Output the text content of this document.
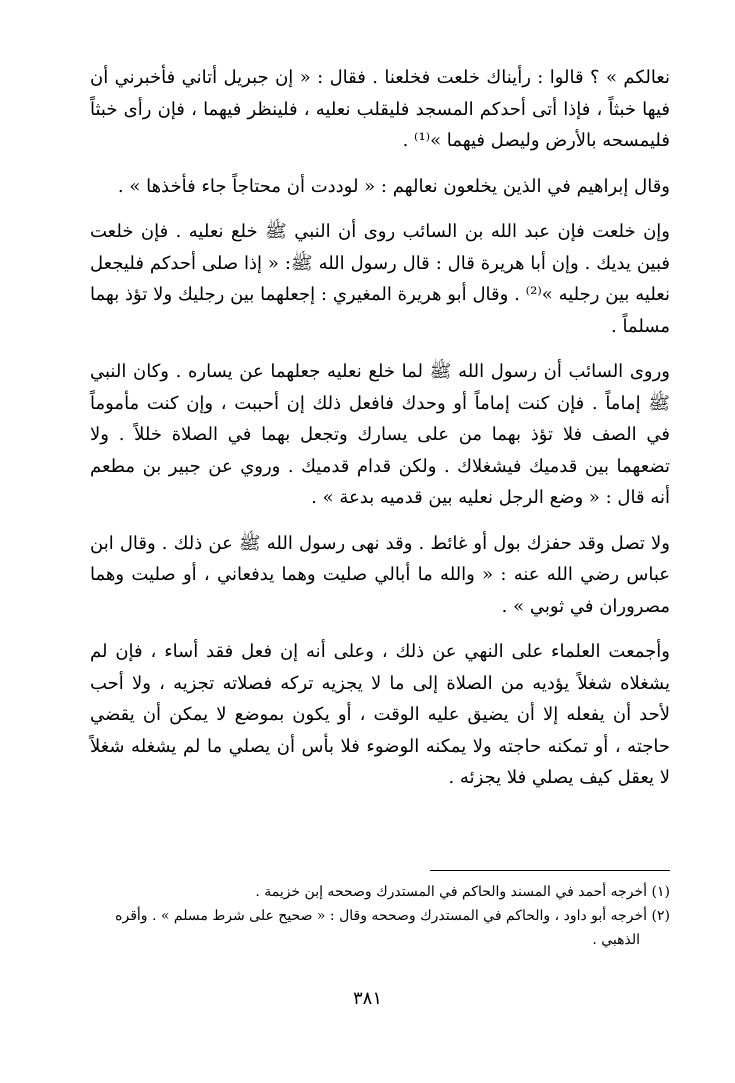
نعالكم » ؟ قالوا : رأيناك خلعت فخلعنا . فقال : « إن جبريل أتاني فأخبرني أن فيها خبثاً ، فإذا أتى أحدكم المسجد فليقلب نعليه ، فلينظر فيهما ، فإن رأى خبثاً فليمسحه بالأرض وليصل فيهما »⁽¹⁾ .

وقال إبراهيم في الذين يخلعون نعالهم : « لوددت أن محتاجاً جاء فأخذها » .

وإن خلعت فإن عبد الله بن السائب روى أن النبي ﷺ خلع نعليه . فإن خلعت فبين يديك . وإن أبا هريرة قال : قال رسول الله ﷺ: « إذا صلى أحدكم فليجعل نعليه بين رجليه »⁽²⁾ . وقال أبو هريرة المغيري : إجعلهما بين رجليك ولا تؤذ بهما مسلماً .

وروى السائب أن رسول الله ﷺ لما خلع نعليه جعلهما عن يساره . وكان النبي ﷺ إماماً . فإن كنت إماماً أو وحدك فافعل ذلك إن أحببت ، وإن كنت مأموماً في الصف فلا تؤذ بهما من على يسارك وتجعل بهما في الصلاة خللاً . ولا تضعهما بين قدميك فيشغلاك . ولكن قدام قدميك . وروي عن جبير بن مطعم أنه قال : « وضع الرجل نعليه بين قدميه بدعة » .

ولا تصل وقد حفزك بول أو غائط . وقد نهى رسول الله ﷺ عن ذلك . وقال ابن عباس رضي الله عنه : « والله ما أبالي صليت وهما يدفعاني ، أو صليت وهما مصروران في ثوبي » .

وأجمعت العلماء على النهي عن ذلك ، وعلى أنه إن فعل فقد أساء ، فإن لم يشغلاه شغلاً يؤديه من الصلاة إلى ما لا يجزيه تركه فصلاته تجزيه ، ولا أحب لأحد أن يفعله إلا أن يضيق عليه الوقت ، أو يكون بموضع لا يمكن أن يقضي حاجته ، أو تمكنه حاجته ولا يمكنه الوضوء فلا بأس أن يصلي ما لم يشغله شغلاً لا يعقل كيف يصلي فلا يجزئه .

(١) أخرجه أحمد في المسند والحاكم في المستدرك وصححه إبن خزيمة .

(٢) أخرجه أبو داود ، والحاكم في المستدرك وصححه وقال : « صحيح على شرط مسلم » . وأقره

الذهبي .

٣٨١
